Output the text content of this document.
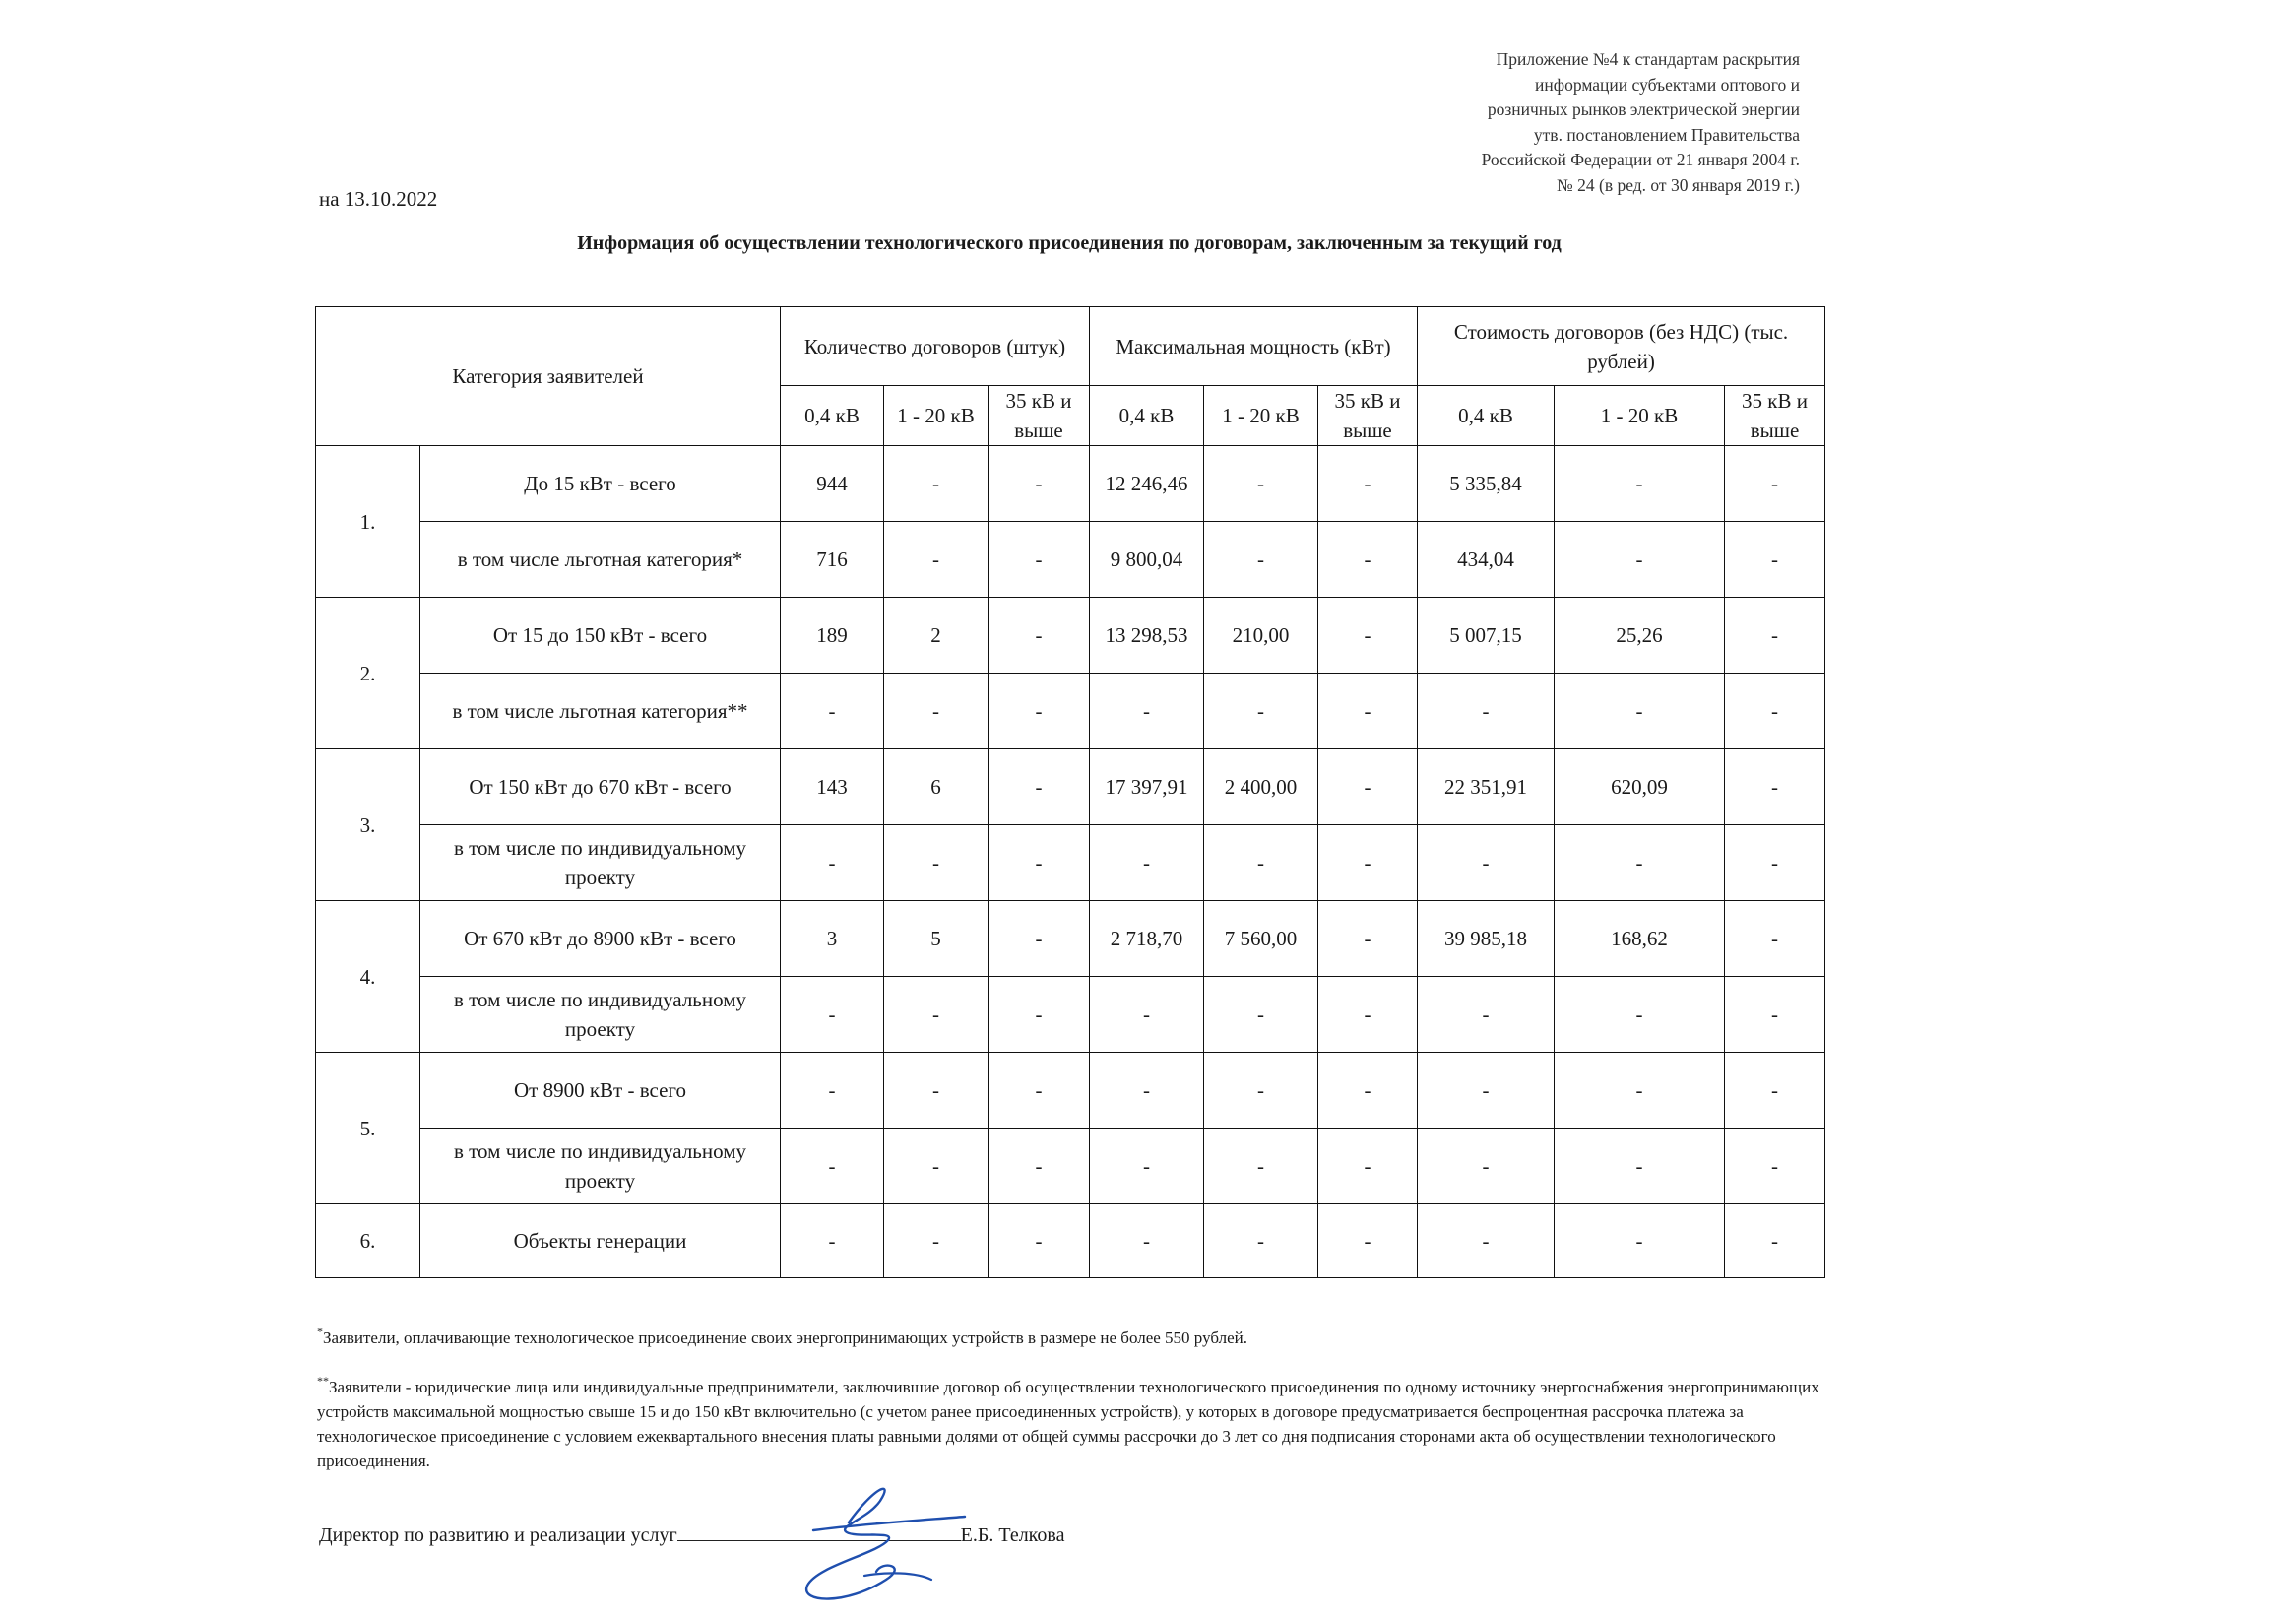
Приложение №4 к стандартам раскрытия
информации субъектами оптового и
розничных рынков электрической энергии
утв. постановлением Правительства
Российской Федерации от 21 января 2004 г.
№ 24 (в ред. от 30 января 2019 г.)
на 13.10.2022
Информация об осуществлении технологического присоединения по договорам, заключенным за текущий год
Категория заявителей		Количество договоров (штук)			Максимальная мощность (кВт)			Стоимость договоров (без НДС) (тыс. рублей)		
		0,4 кВ	1 - 20 кВ	35 кВ и выше	0,4 кВ	1 - 20 кВ	35 кВ и выше	0,4 кВ	1 - 20 кВ	35 кВ и выше
1.	До 15 кВт - всего	944	-	-	12 246,46	-	-	5 335,84	-	-
	в том числе льготная категория*	716	-	-	9 800,04	-	-	434,04	-	-
2.	От 15 до 150 кВт - всего	189	2	-	13 298,53	210,00	-	5 007,15	25,26	-
	в том числе льготная категория**	-	-	-	-	-	-	-	-	-
3.	От 150 кВт до 670 кВт - всего	143	6	-	17 397,91	2 400,00	-	22 351,91	620,09	-
	в том числе по индивидуальному проекту	-	-	-	-	-	-	-	-	-
4.	От 670 кВт до 8900 кВт - всего	3	5	-	2 718,70	7 560,00	-	39 985,18	168,62	-
	в том числе по индивидуальному проекту	-	-	-	-	-	-	-	-	-
5.	От 8900 кВт - всего	-	-	-	-	-	-	-	-	-
	в том числе по индивидуальному проекту	-	-	-	-	-	-	-	-	-
6.	Объекты генерации	-	-	-	-	-	-	-	-	-
*Заявители, оплачивающие технологическое присоединение своих энергопринимающих устройств в размере не более 550 рублей.
**Заявители - юридические лица или индивидуальные предприниматели, заключившие договор об осуществлении технологического присоединения по одному источнику энергоснабжения энергопринимающих устройств максимальной мощностью свыше 15 и до 150 кВт включительно (с учетом ранее присоединенных устройств), у которых в договоре предусматривается беспроцентная рассрочка платежа за технологическое присоединение с условием ежеквартального внесения платы равными долями от общей суммы рассрочки до 3 лет со дня подписания сторонами акта об осуществлении технологического присоединения.
Директор по развитию и реализации услуг	Е.Б. Телкова
